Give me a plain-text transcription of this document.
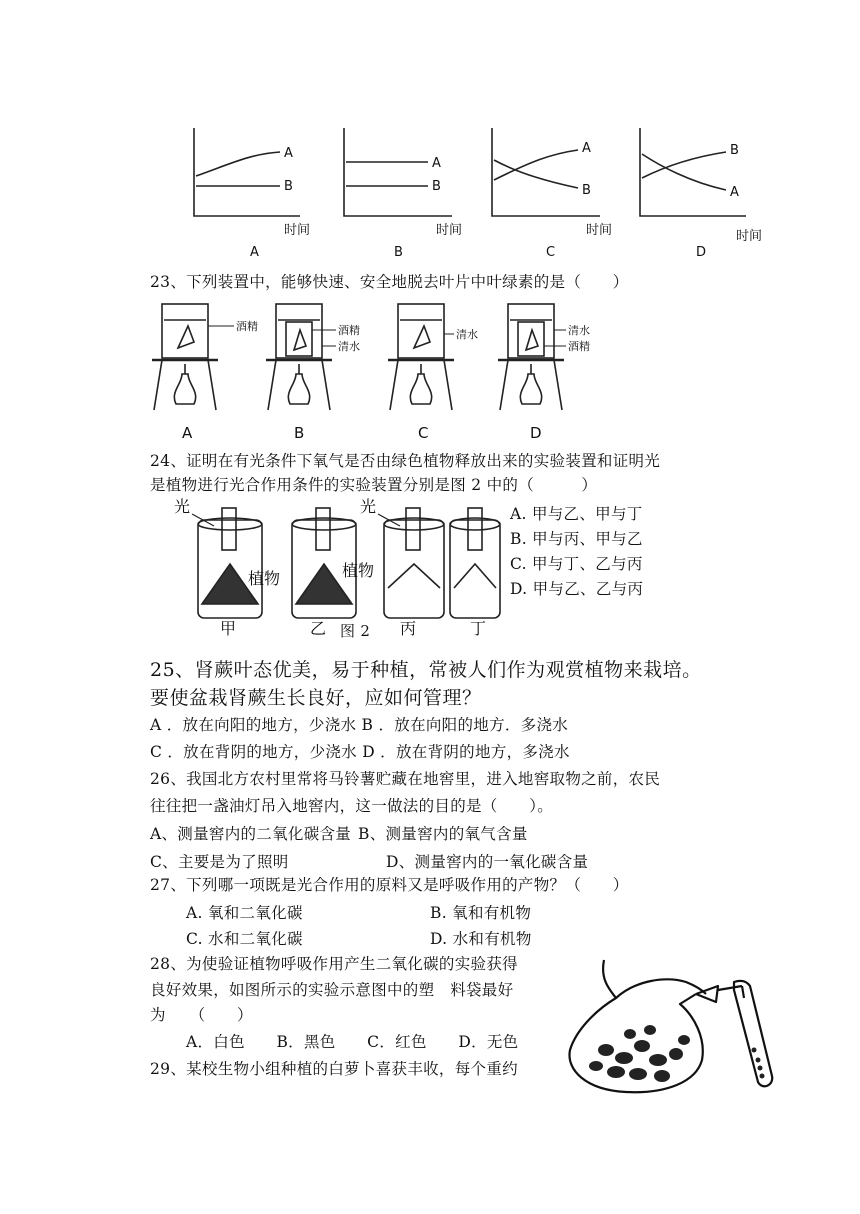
A
B
时间
A
A
B
时间
B
A
B
时间
C
B
A
时间
D
23、下列装置中，能够快速、安全地脱去叶片中叶绿素的是（　　）
酒精	酒精
清水
清水	清水
酒精
A	B	C	D
24、证明在有光条件下氧气是否由绿色植物释放出来的实验装置和证明光
是植物进行光合作用条件的实验装置分别是图 2 中的（　　　）
光	光
植物	植物
甲	乙	丙	丁
图 2
A. 甲与乙、甲与丁
B. 甲与丙、甲与乙
C. 甲与丁、乙与丙
D. 甲与乙、乙与丙
25、肾蕨叶态优美，易于种植，常被人们作为观赏植物来栽培。
要使盆栽肾蕨生长良好，应如何管理？
A ．放在向阳的地方，少浇水 B ．放在向阳的地方．多浇水
C ．放在背阴的地方，少浇水 D ．放在背阴的地方，多浇水
26、我国北方农村里常将马铃薯贮藏在地窖里，进入地窖取物之前，农民
往往把一盏油灯吊入地窖内，这一做法的目的是（　　）。
A、测量窖内的二氧化碳含量 B、测量窖内的氧气含量
C、主要是为了照明	D、测量窖内的一氧化碳含量
27、下列哪一项既是光合作用的原料又是呼吸作用的产物？（　　）
A. 氧和二氧化碳	B. 氧和有机物
C. 水和二氧化碳	D. 水和有机物
28、为使验证植物呼吸作用产生二氧化碳的实验获得
良好效果，如图所示的实验示意图中的塑　料袋最好
为　　（　　）
A．白色　　B．黑色　　C．红色　　D．无色
29、某校生物小组种植的白萝卜喜获丰收，每个重约
